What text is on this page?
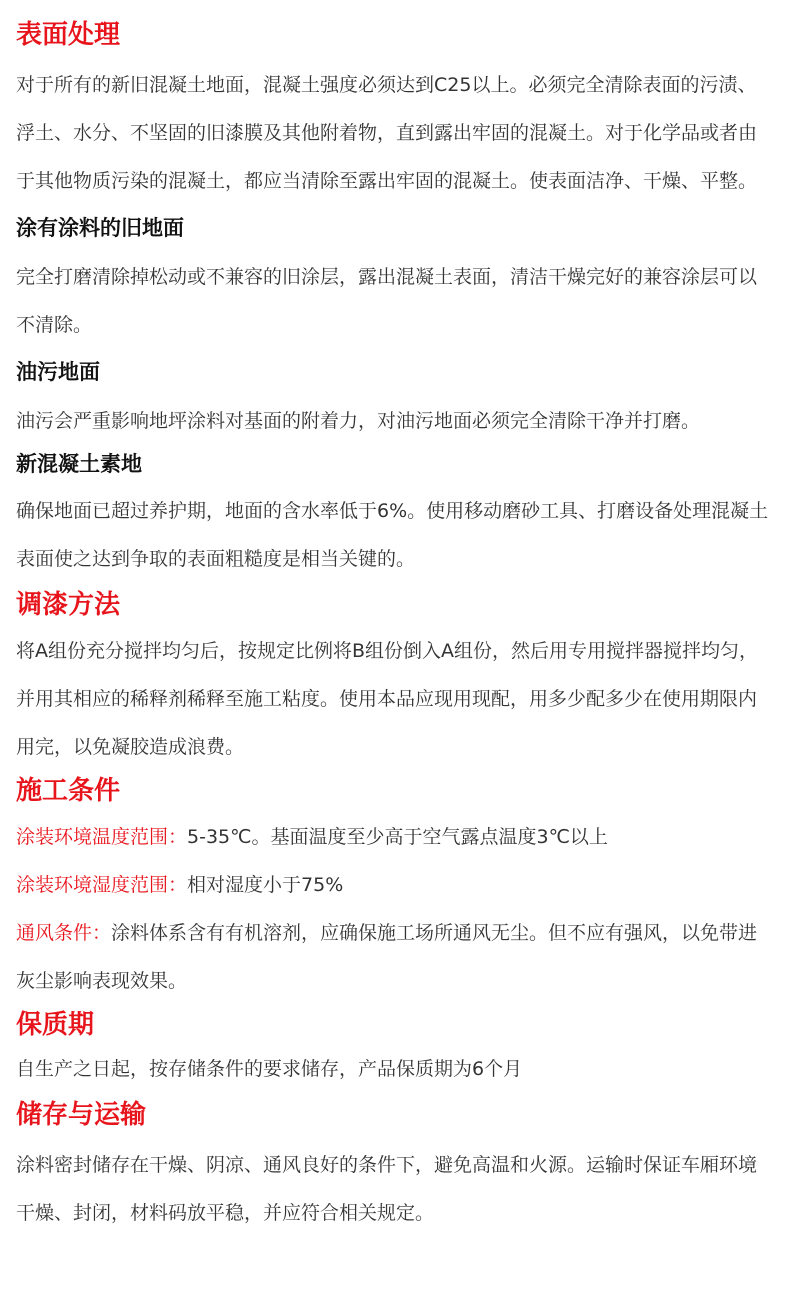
表面处理

对于所有的新旧混凝土地面，混凝土强度必须达到C25以上。必须完全清除表面的污渍、浮土、水分、不坚固的旧漆膜及其他附着物，直到露出牢固的混凝土。对于化学品或者由于其他物质污染的混凝土，都应当清除至露出牢固的混凝土。使表面洁净、干燥、平整。

涂有涂料的旧地面

完全打磨清除掉松动或不兼容的旧涂层，露出混凝土表面，清洁干燥完好的兼容涂层可以不清除。

油污地面

油污会严重影响地坪涂料对基面的附着力，对油污地面必须完全清除干净并打磨。

新混凝土素地

确保地面已超过养护期，地面的含水率低于6%。使用移动磨砂工具、打磨设备处理混凝土表面使之达到争取的表面粗糙度是相当关键的。

调漆方法

将A组份充分搅拌均匀后，按规定比例将B组份倒入A组份，然后用专用搅拌器搅拌均匀，并用其相应的稀释剂稀释至施工粘度。使用本品应现用现配，用多少配多少在使用期限内用完，以免凝胶造成浪费。

施工条件

涂装环境温度范围：5-35℃。基面温度至少高于空气露点温度3℃以上

涂装环境湿度范围：相对湿度小于75%

通风条件：涂料体系含有有机溶剂，应确保施工场所通风无尘。但不应有强风，以免带进灰尘影响表现效果。

保质期

自生产之日起，按存储条件的要求储存，产品保质期为6个月

储存与运输

涂料密封储存在干燥、阴凉、通风良好的条件下，避免高温和火源。运输时保证车厢环境干燥、封闭，材料码放平稳，并应符合相关规定。
